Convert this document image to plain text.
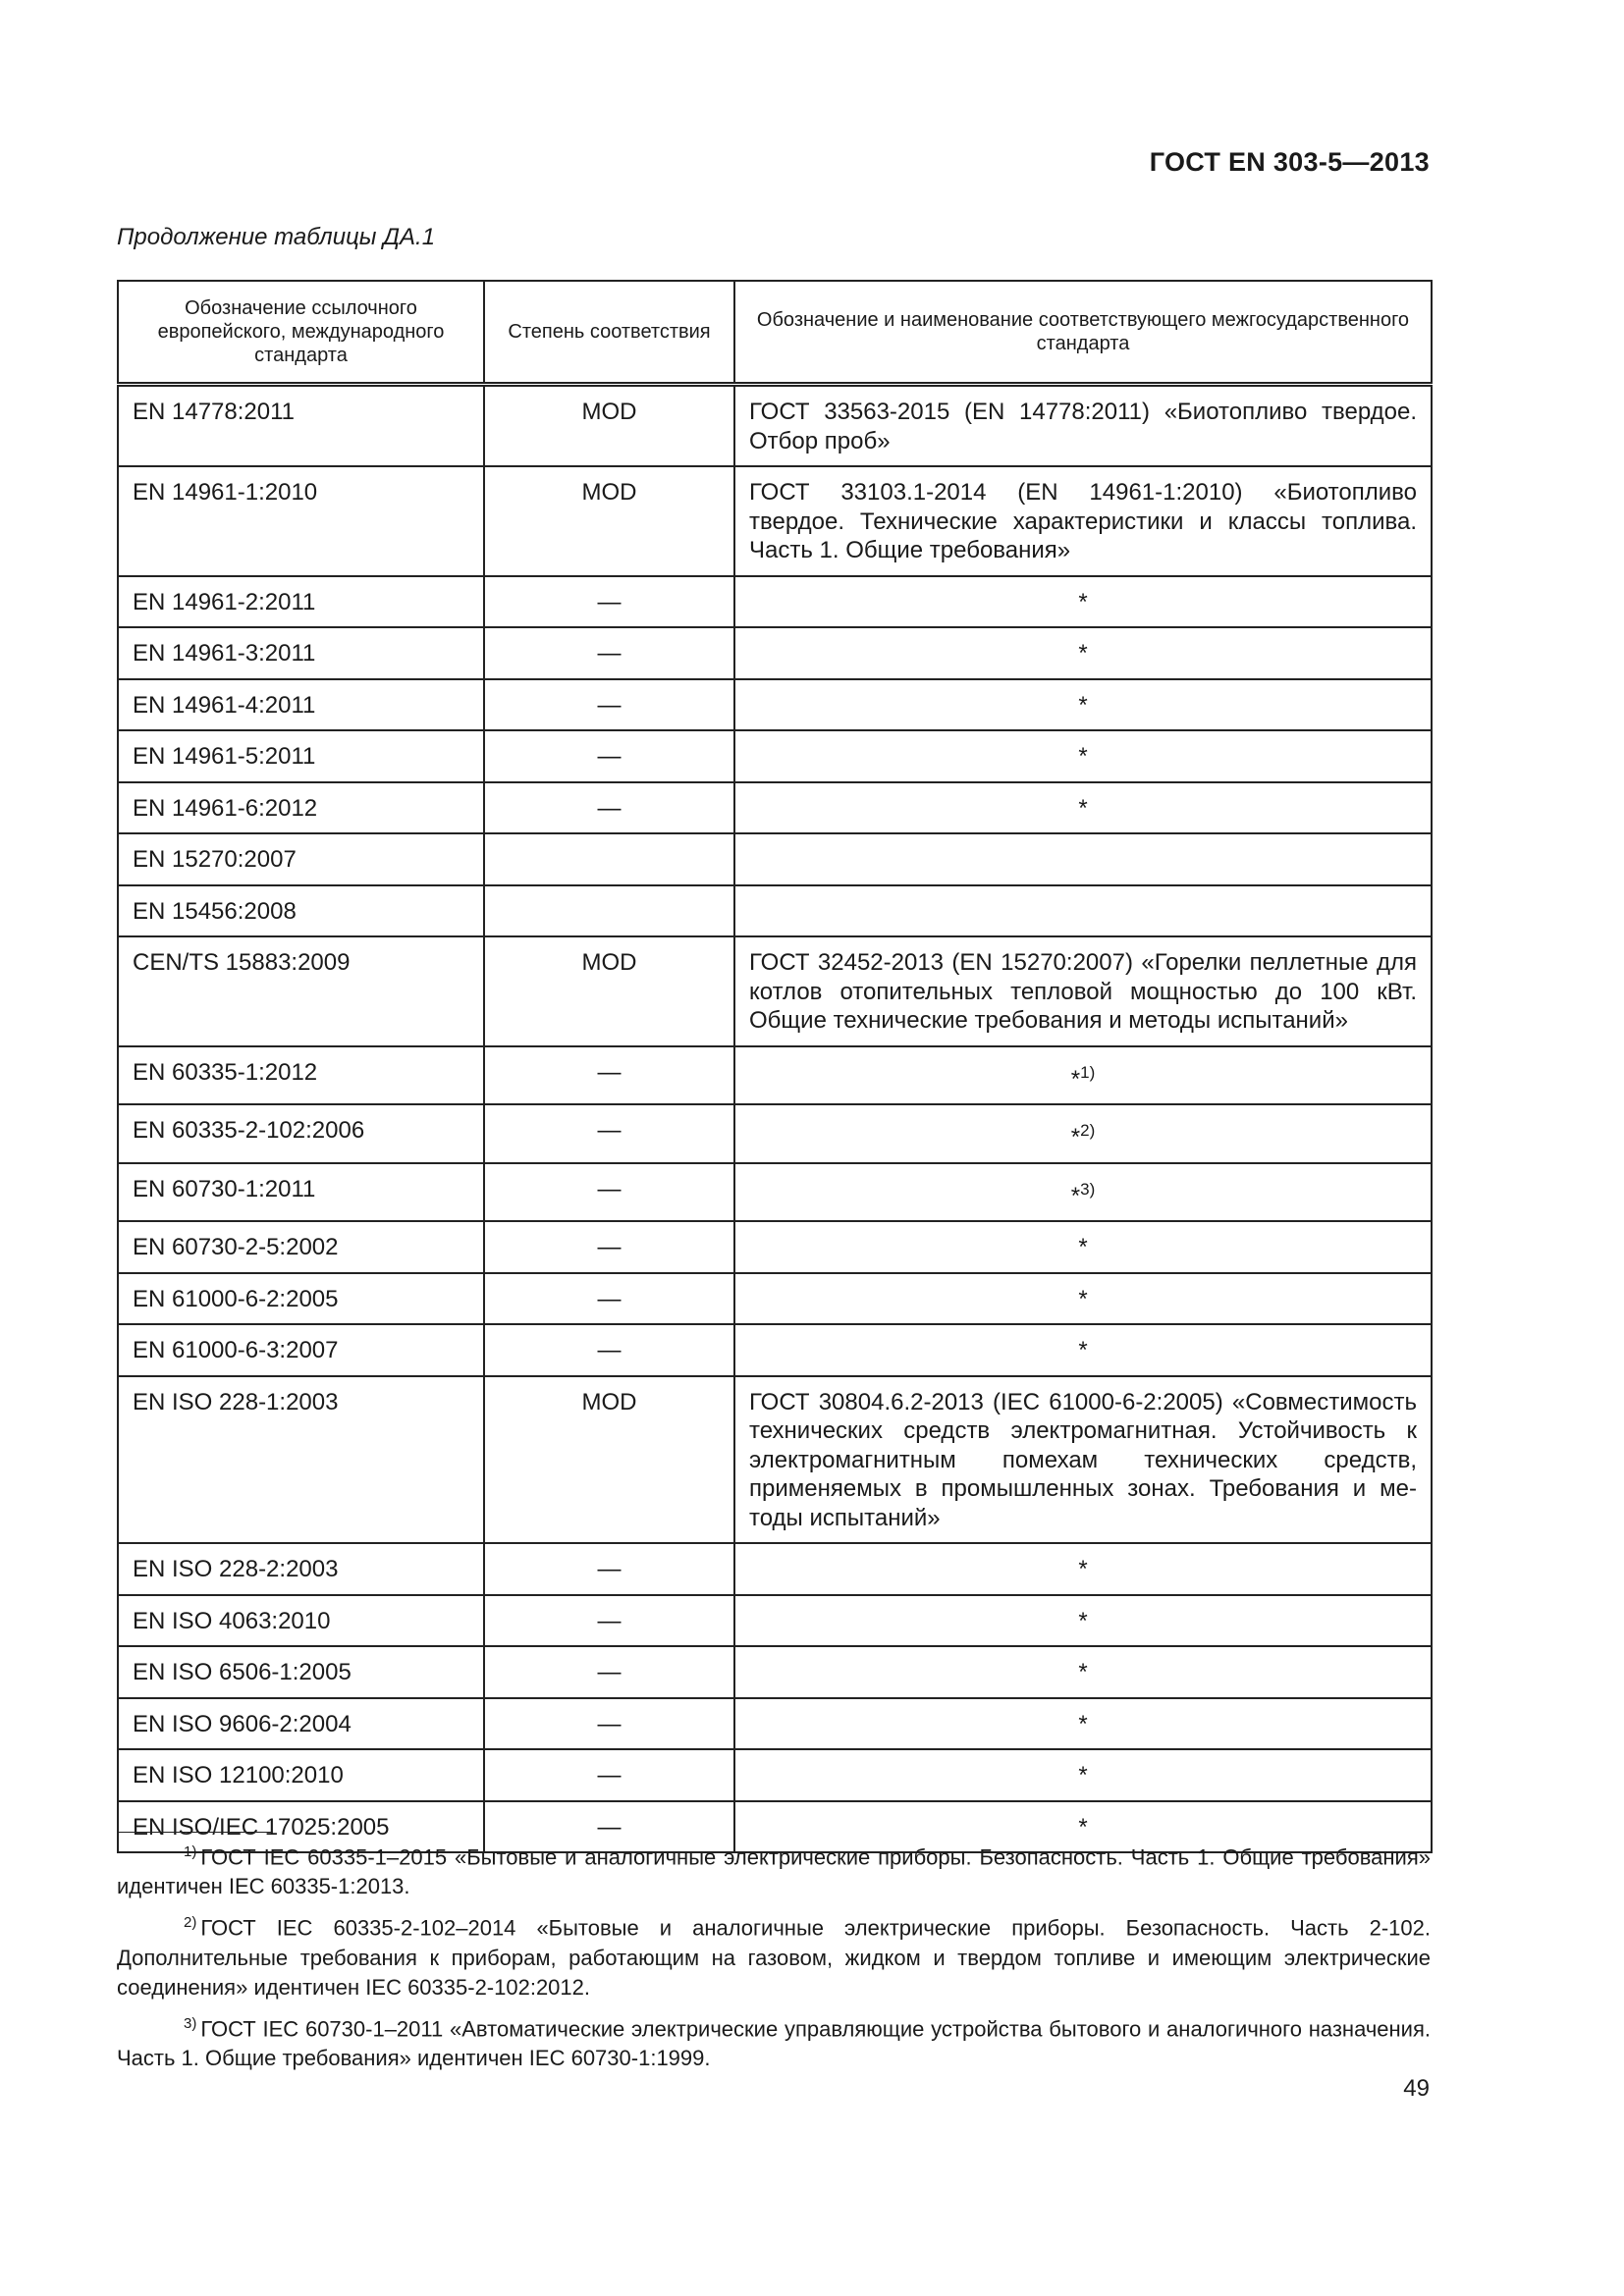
ГОСТ EN 303-5—2013
Продолжение таблицы ДА.1
Обозначение ссылочного европейского, международного стандарта	Степень соответствия	Обозначение и наименование соответствующего межгосударственного стандарта
EN 14778:2011	MOD	ГОСТ 33563-2015 (EN 14778:2011) «Биотопливо твердое. Отбор проб»
EN 14961-1:2010	MOD	ГОСТ 33103.1-2014 (EN 14961-1:2010) «Биотопливо твердое. Технические характеристики и классы топлива. Часть 1. Общие требования»
EN 14961-2:2011	—	*
EN 14961-3:2011	—	*
EN 14961-4:2011	—	*
EN 14961-5:2011	—	*
EN 14961-6:2012	—	*
EN 15270:2007		
EN 15456:2008		
CEN/TS 15883:2009	MOD	ГОСТ 32452-2013 (EN 15270:2007) «Горелки пеллетные для котлов отопительных тепловой мощностью до 100 кВт. Общие технические требования и методы испытаний»
EN 60335-1:2012	—	*$^{1)}$
EN 60335-2-102:2006	—	*$^{2)}$
EN 60730-1:2011	—	*$^{3)}$
EN 60730-2-5:2002	—	*
EN 61000-6-2:2005	—	*
EN 61000-6-3:2007	—	*
EN ISO 228-1:2003	MOD	ГОСТ 30804.6.2-2013 (IEC 61000-6-2:2005) «Совместимость технических средств электромагнитная. Устойчивость к электромагнитным помехам технических средств, применяемых в промышленных зонах. Требования и методы испытаний»
EN ISO 228-2:2003	—	*
EN ISO 4063:2010	—	*
EN ISO 6506-1:2005	—	*
EN ISO 9606-2:2004	—	*
EN ISO 12100:2010	—	*
EN ISO/IEC 17025:2005	—	*
$^{1)}$ ГОСТ IEC 60335-1–2015 «Бытовые и аналогичные электрические приборы. Безопасность. Часть 1. Общие требования» идентичен IEC 60335-1:2013.
$^{2)}$ ГОСТ IEC 60335-2-102–2014 «Бытовые и аналогичные электрические приборы. Безопасность. Часть 2-102. Дополнительные требования к приборам, работающим на газовом, жидком и твердом топливе и имеющим электрические соединения» идентичен IEC 60335-2-102:2012.
$^{3)}$ ГОСТ IEC 60730-1–2011 «Автоматические электрические управляющие устройства бытового и аналогичного назначения. Часть 1. Общие требования» идентичен IEC 60730-1:1999.
49
